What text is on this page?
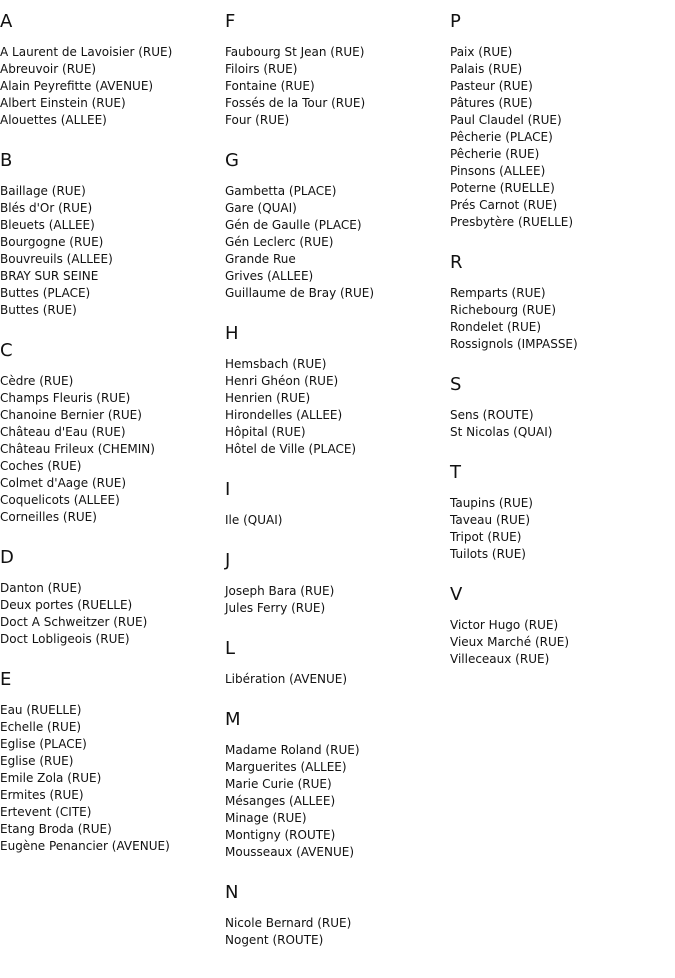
A
A Laurent de Lavoisier (RUE)
Abreuvoir (RUE)
Alain Peyrefitte (AVENUE)
Albert Einstein (RUE)
Alouettes (ALLEE)
B
Baillage (RUE)
Blés d'Or (RUE)
Bleuets (ALLEE)
Bourgogne (RUE)
Bouvreuils (ALLEE)
BRAY SUR SEINE
Buttes (PLACE)
Buttes (RUE)
C
Cèdre (RUE)
Champs Fleuris (RUE)
Chanoine Bernier (RUE)
Château d'Eau (RUE)
Château Frileux (CHEMIN)
Coches (RUE)
Colmet d'Aage (RUE)
Coquelicots (ALLEE)
Corneilles (RUE)
D
Danton (RUE)
Deux portes (RUELLE)
Doct A Schweitzer (RUE)
Doct Lobligeois (RUE)
E
Eau (RUELLE)
Echelle (RUE)
Eglise (PLACE)
Eglise (RUE)
Emile Zola (RUE)
Ermites (RUE)
Ertevent (CITE)
Etang Broda (RUE)
Eugène Penancier (AVENUE)
F
Faubourg St Jean (RUE)
Filoirs (RUE)
Fontaine (RUE)
Fossés de la Tour (RUE)
Four (RUE)
G
Gambetta (PLACE)
Gare (QUAI)
Gén de Gaulle (PLACE)
Gén Leclerc (RUE)
Grande Rue
Grives (ALLEE)
Guillaume de Bray (RUE)
H
Hemsbach (RUE)
Henri Ghéon (RUE)
Henrien (RUE)
Hirondelles (ALLEE)
Hôpital (RUE)
Hôtel de Ville (PLACE)
I
Ile (QUAI)
J
Joseph Bara (RUE)
Jules Ferry (RUE)
L
Libération (AVENUE)
M
Madame Roland (RUE)
Marguerites (ALLEE)
Marie Curie (RUE)
Mésanges (ALLEE)
Minage (RUE)
Montigny (ROUTE)
Mousseaux (AVENUE)
N
Nicole Bernard (RUE)
Nogent (ROUTE)
P
Paix (RUE)
Palais (RUE)
Pasteur (RUE)
Pâtures (RUE)
Paul Claudel (RUE)
Pêcherie (PLACE)
Pêcherie (RUE)
Pinsons (ALLEE)
Poterne (RUELLE)
Prés Carnot (RUE)
Presbytère (RUELLE)
R
Remparts (RUE)
Richebourg (RUE)
Rondelet (RUE)
Rossignols (IMPASSE)
S
Sens (ROUTE)
St Nicolas (QUAI)
T
Taupins (RUE)
Taveau (RUE)
Tripot (RUE)
Tuilots (RUE)
V
Victor Hugo (RUE)
Vieux Marché (RUE)
Villeceaux (RUE)
